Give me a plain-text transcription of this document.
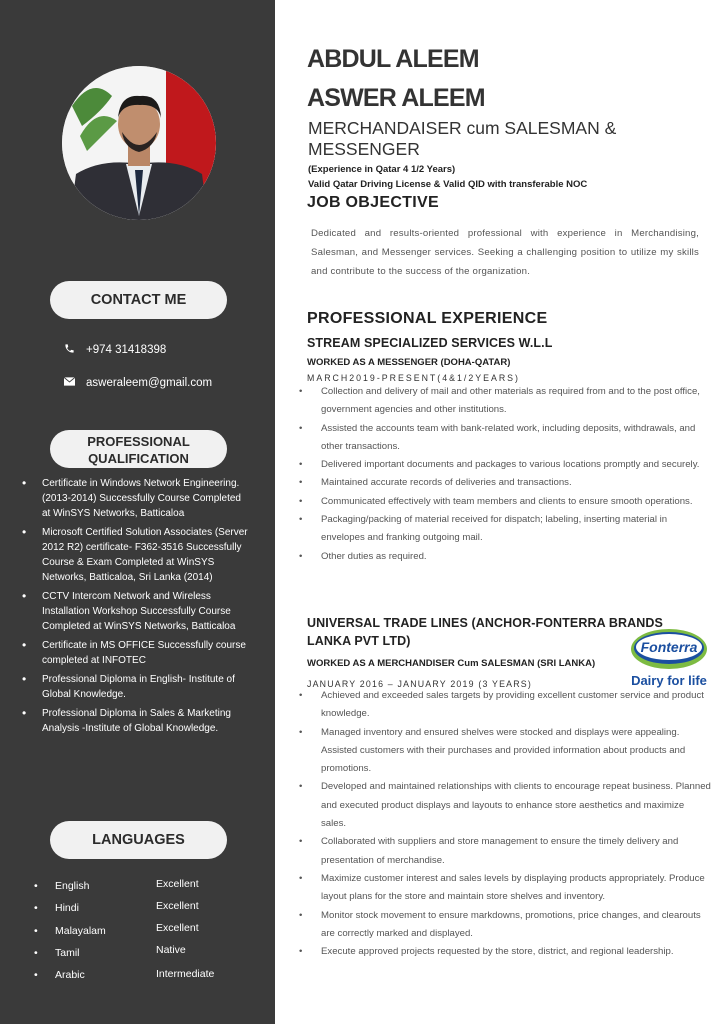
CONTACT ME
+974 31418398
asweraleem@gmail.com
PROFESSIONAL
QUALIFICATION
• Certificate in Windows Network Engineering. (2013-2014) Successfully Course Completed at WinSYS Networks, Batticaloa
• Microsoft Certified Solution Associates (Server 2012 R2) certificate- F362-3516 Successfully Course & Exam Completed at WinSYS Networks, Batticaloa, Sri Lanka (2014)
• CCTV Intercom Network and Wireless Installation Workshop Successfully Course Completed at WinSYS Networks, Batticaloa
• Certificate in MS OFFICE Successfully course completed at INFOTEC
• Professional Diploma in English- Institute of Global Knowledge.
• Professional Diploma in Sales & Marketing Analysis -Institute of Global Knowledge.
LANGUAGES
• English	Excellent
• Hindi	Excellent
• Malayalam	Excellent
• Tamil	Native
• Arabic	Intermediate
ABDUL ALEEM
ASWER ALEEM
MERCHANDAISER cum SALESMAN & MESSENGER
(Experience in Qatar 4 1/2 Years)
Valid Qatar Driving License & Valid QID with transferable NOC
JOB OBJECTIVE
Dedicated and results-oriented professional with experience in Merchandising, Salesman, and Messenger services. Seeking a challenging position to utilize my skills and contribute to the success of the organization.
PROFESSIONAL EXPERIENCE
STREAM SPECIALIZED SERVICES W.L.L
WORKED AS A MESSENGER (DOHA-QATAR)
MARCH2019-PRESENT(4&1/2YEARS)
• Collection and delivery of mail and other materials as required from and to the post office, government agencies and other institutions.
• Assisted the accounts team with bank-related work, including deposits, withdrawals, and other transactions.
• Delivered important documents and packages to various locations promptly and securely.
• Maintained accurate records of deliveries and transactions.
• Communicated effectively with team members and clients to ensure smooth operations.
• Packaging/packing of material received for dispatch; labeling, inserting material in envelopes and franking outgoing mail.
• Other duties as required.
UNIVERSAL TRADE LINES (ANCHOR-FONTERRA BRANDS
LANKA PVT LTD)
WORKED AS A MERCHANDISER Cum SALESMAN (SRI LANKA)
JANUARY 2016 – JANUARY 2019 (3 YEARS)
Fonterra
Dairy for life
• Achieved and exceeded sales targets by providing excellent customer service and product knowledge.
• Managed inventory and ensured shelves were stocked and displays were appealing. Assisted customers with their purchases and provided information about products and promotions.
• Developed and maintained relationships with clients to encourage repeat business. Planned and executed product displays and layouts to enhance store aesthetics and maximize sales.
• Collaborated with suppliers and store management to ensure the timely delivery and presentation of merchandise.
• Maximize customer interest and sales levels by displaying products appropriately. Produce layout plans for the store and maintain store shelves and inventory.
• Monitor stock movement to ensure markdowns, promotions, price changes, and clearouts are correctly marked and displayed.
• Execute approved projects requested by the store, district, and regional leadership.
